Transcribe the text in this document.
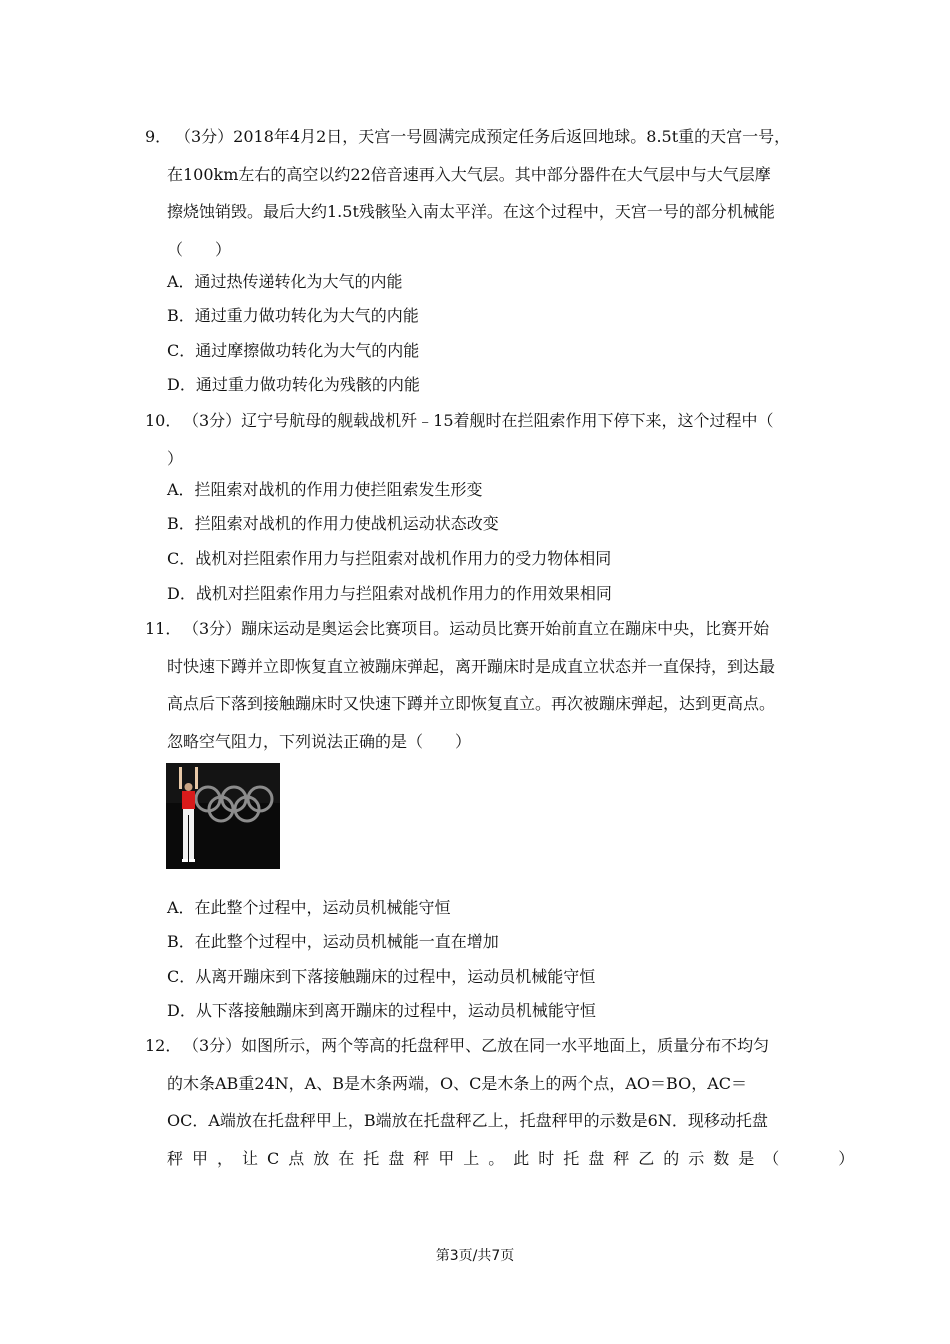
9． （3分）2018年4月2日，天宫一号圆满完成预定任务后返回地球。8.5t重的天宫一号，
在100km左右的高空以约22倍音速再入大气层。其中部分器件在大气层中与大气层摩
擦烧蚀销毁。最后大约1.5t残骸坠入南太平洋。在这个过程中，天宫一号的部分机械能
（　　）
A．通过热传递转化为大气的内能
B．通过重力做功转化为大气的内能
C．通过摩擦做功转化为大气的内能
D．通过重力做功转化为残骸的内能
10． （3分）辽宁号航母的舰载战机歼﹣15着舰时在拦阻索作用下停下来，这个过程中（
）
A．拦阻索对战机的作用力使拦阻索发生形变
B．拦阻索对战机的作用力使战机运动状态改变
C．战机对拦阻索作用力与拦阻索对战机作用力的受力物体相同
D．战机对拦阻索作用力与拦阻索对战机作用力的作用效果相同
11． （3分）蹦床运动是奥运会比赛项目。运动员比赛开始前直立在蹦床中央，比赛开始
时快速下蹲并立即恢复直立被蹦床弹起，离开蹦床时是成直立状态并一直保持，到达最
高点后下落到接触蹦床时又快速下蹲并立即恢复直立。再次被蹦床弹起，达到更高点。
忽略空气阻力，下列说法正确的是（　　）
A．在此整个过程中，运动员机械能守恒
B．在此整个过程中，运动员机械能一直在增加
C．从离开蹦床到下落接触蹦床的过程中，运动员机械能守恒
D．从下落接触蹦床到离开蹦床的过程中，运动员机械能守恒
12． （3分）如图所示，两个等高的托盘秤甲、乙放在同一水平地面上，质量分布不均匀
的木条AB重24N，A、B是木条两端，O、C是木条上的两个点，AO＝BO，AC＝
OC．A端放在托盘秤甲上，B端放在托盘秤乙上，托盘秤甲的示数是6N．现移动托盘
秤甲，让C点放在托盘秤甲上。此时托盘秤乙的示数是（　　）
第3页/共7页
